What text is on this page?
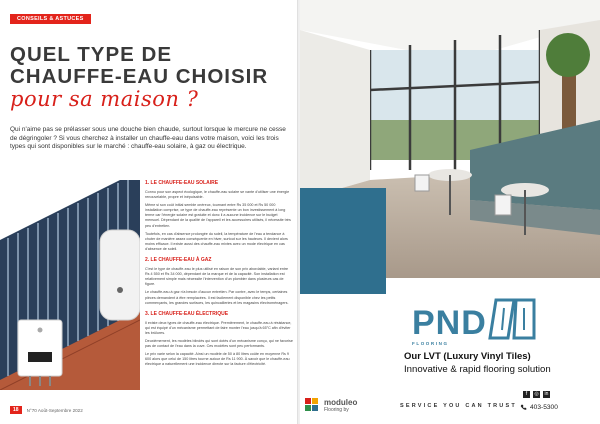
CONSEILS & ASTUCES
QUEL TYPE DE CHAUFFE-EAU CHOISIR
pour sa maison ?
Qui n'aime pas se prélasser sous une douche bien chaude, surtout lorsque le mercure ne cesse de dégringoler ? Si vous cherchez à installer un chauffe-eau dans votre maison, voici les trois types qui sont disponibles sur le marché : chauffe-eau solaire, à gaz ou électrique.
1. LE CHAUFFE-EAU SOLAIRE

Connu pour son aspect écologique, le chauffe-eau solaire se vante d'utiliser une énergie renouvelable, propre et inépuisable.

Même si son coût initial semble onéreux, tournant entre Rs 35 000 et Rs 50 000 installation comprise, ce type de chauffe-eau représente un bon investissement à long terme car l'énergie solaire est gratuite et donc il a aucune incidence sur le budget mensuel. Dépendant de la qualité de l'appareil et les accessoires utilisés, il nécessite très peu d'entretien.

Toutefois, en cas d'absence prolongée du soleil, la température de l'eau a tendance à chuter de manière assez conséquente en hiver, surtout sur les hauteurs. Il devient alors moins efficace. Il existe aussi des chauffe-eau mixtes avec un mode électrique en cas d'absence de soleil.

2. LE CHAUFFE-EAU À GAZ

C'est le type de chauffe-eau le plus utilisé en raison de son prix abordable, variant entre Rs 4 550 et Rs 34 000, dépendant de la marque et de la capacité. Son installation est relativement simple mais nécessite l'intervention d'un plombier dans plusieurs cas de figure.

Le chauffe-eau à gaz n'a besoin d'aucun entretien. Par contre, avec le temps, certaines pièces demandent à être remplacées. Il est facilement disponible chez les petits commerçants, les grandes surfaces, les quincailleries et les magasins électroménagers.

3. LE CHAUFFE-EAU ÉLECTRIQUE

Il existe deux types de chauffe-eau électrique. Premièrement, le chauffe-eau à résistance, qui est équipé d'un mécanisme permettant de faire monter l'eau jusqu'à 65°C afin d'éviter les brûlures.

Deuxièmement, les modèles blindés qui sont dotés d'un mécanisme conçu, qui ne favorise pas de contact de l'eau dans la cuve. Ces modèles sont peu performants.

Le prix varie selon la capacité. Ainsi un modèle de 50 à 80 litres coûte en moyenne Rs 9 600 alors que celui de 150 litres tourne autour de Rs 11 900. À savoir que le chauffe-eau électrique a naturellement une incidence directe sur la facture d'électricité.

18	N°70 Août-Septembre 2022
PND
FLOORING
Our LVT (Luxury Vinyl Tiles)
Innovative & rapid flooring solution
moduleo
Flooring by
SERVICE YOU CAN TRUST
f	◎	in
403-5300
